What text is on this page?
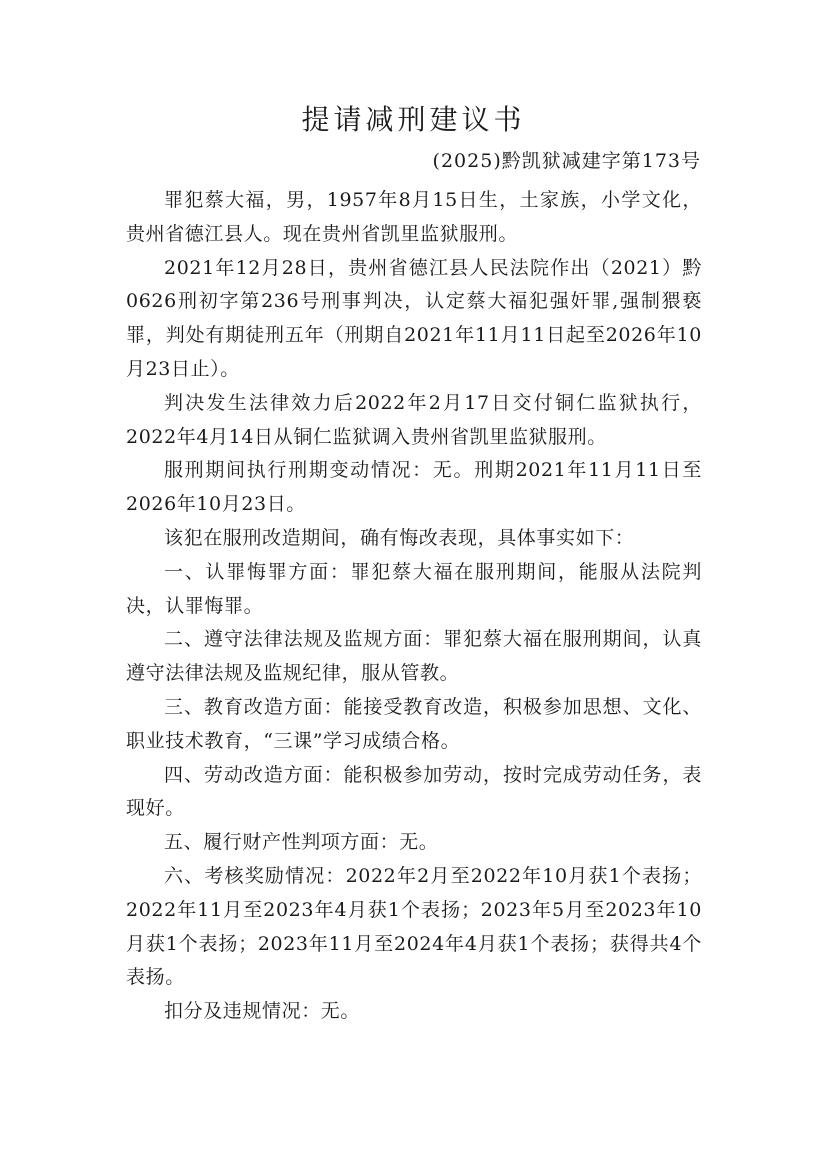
提请减刑建议书
(2025)黔凯狱减建字第173号

罪犯蔡大福，男，1957年8月15日生，土家族，小学文化，贵州省德江县人。现在贵州省凯里监狱服刑。

2021年12月28日，贵州省德江县人民法院作出（2021）黔0626刑初字第236号刑事判决，认定蔡大福犯强奸罪,强制猥亵罪，判处有期徒刑五年（刑期自2021年11月11日起至2026年10月23日止）。

判决发生法律效力后2022年2月17日交付铜仁监狱执行，2022年4月14日从铜仁监狱调入贵州省凯里监狱服刑。

服刑期间执行刑期变动情况：无。刑期2021年11月11日至2026年10月23日。

该犯在服刑改造期间，确有悔改表现，具体事实如下：

一、认罪悔罪方面：罪犯蔡大福在服刑期间，能服从法院判决，认罪悔罪。

二、遵守法律法规及监规方面：罪犯蔡大福在服刑期间，认真遵守法律法规及监规纪律，服从管教。

三、教育改造方面：能接受教育改造，积极参加思想、文化、职业技术教育，“三课”学习成绩合格。

四、劳动改造方面：能积极参加劳动，按时完成劳动任务，表现好。

五、履行财产性判项方面：无。

六、考核奖励情况：2022年2月至2022年10月获1个表扬；2022年11月至2023年4月获1个表扬；2023年5月至2023年10月获1个表扬；2023年11月至2024年4月获1个表扬；获得共4个表扬。

扣分及违规情况：无。
